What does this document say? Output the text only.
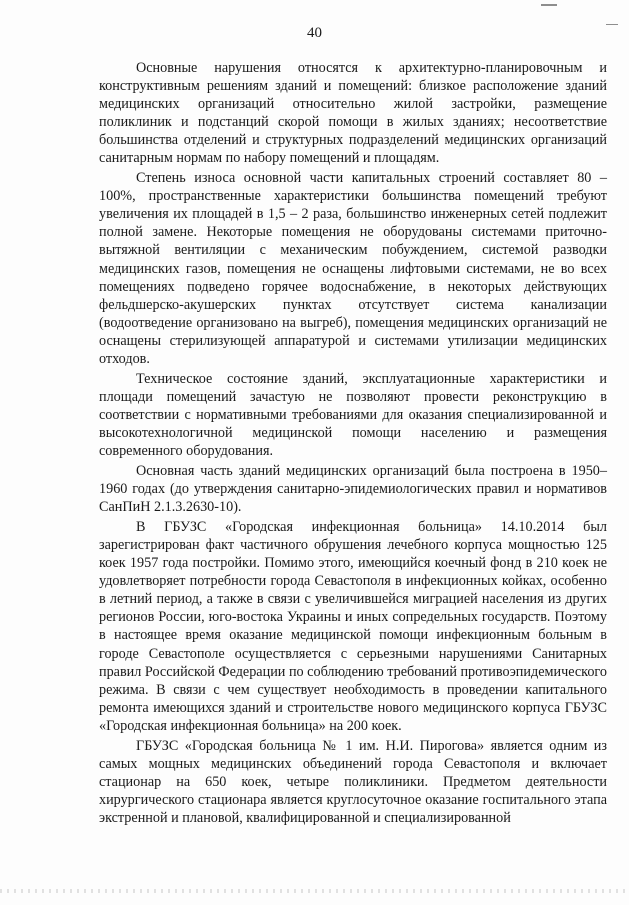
40

Основные нарушения относятся к архитектурно-планировочным и конструктивным решениям зданий и помещений: близкое расположение зданий медицинских организаций относительно жилой застройки, размещение поликлиник и подстанций скорой помощи в жилых зданиях; несоответствие большинства отделений и структурных подразделений медицинских организаций санитарным нормам по набору помещений и площадям.

Степень износа основной части капитальных строений составляет 80 – 100%, пространственные характеристики большинства помещений требуют увеличения их площадей в 1,5 – 2 раза, большинство инженерных сетей подлежит полной замене. Некоторые помещения не оборудованы системами приточно-вытяжной вентиляции с механическим побуждением, системой разводки медицинских газов, помещения не оснащены лифтовыми системами, не во всех помещениях подведено горячее водоснабжение, в некоторых действующих фельдшерско-акушерских пунктах отсутствует система канализации (водоотведение организовано на выгреб), помещения медицинских организаций не оснащены стерилизующей аппаратурой и системами утилизации медицинских отходов.

Техническое состояние зданий, эксплуатационные характеристики и площади помещений зачастую не позволяют провести реконструкцию в соответствии с нормативными требованиями для оказания специализированной и высокотехнологичной медицинской помощи населению и размещения современного оборудования.

Основная часть зданий медицинских организаций была построена в 1950–1960 годах (до утверждения санитарно-эпидемиологических правил и нормативов СанПиН 2.1.3.2630-10).

В ГБУЗС «Городская инфекционная больница» 14.10.2014 был зарегистрирован факт частичного обрушения лечебного корпуса мощностью 125 коек 1957 года постройки. Помимо этого, имеющийся коечный фонд в 210 коек не удовлетворяет потребности города Севастополя в инфекционных койках, особенно в летний период, а также в связи с увеличившейся миграцией населения из других регионов России, юго-востока Украины и иных сопредельных государств. Поэтому в настоящее время оказание медицинской помощи инфекционным больным в городе Севастополе осуществляется с серьезными нарушениями Санитарных правил Российской Федерации по соблюдению требований противоэпидемического режима. В связи с чем существует необходимость в проведении капитального ремонта имеющихся зданий и строительстве нового медицинского корпуса ГБУЗС «Городская инфекционная больница» на 200 коек.

ГБУЗС «Городская больница № 1 им. Н.И. Пирогова» является одним из самых мощных медицинских объединений города Севастополя и включает стационар на 650 коек, четыре поликлиники. Предметом деятельности хирургического стационара является круглосуточное оказание госпитального этапа экстренной и плановой, квалифицированной и специализированной
